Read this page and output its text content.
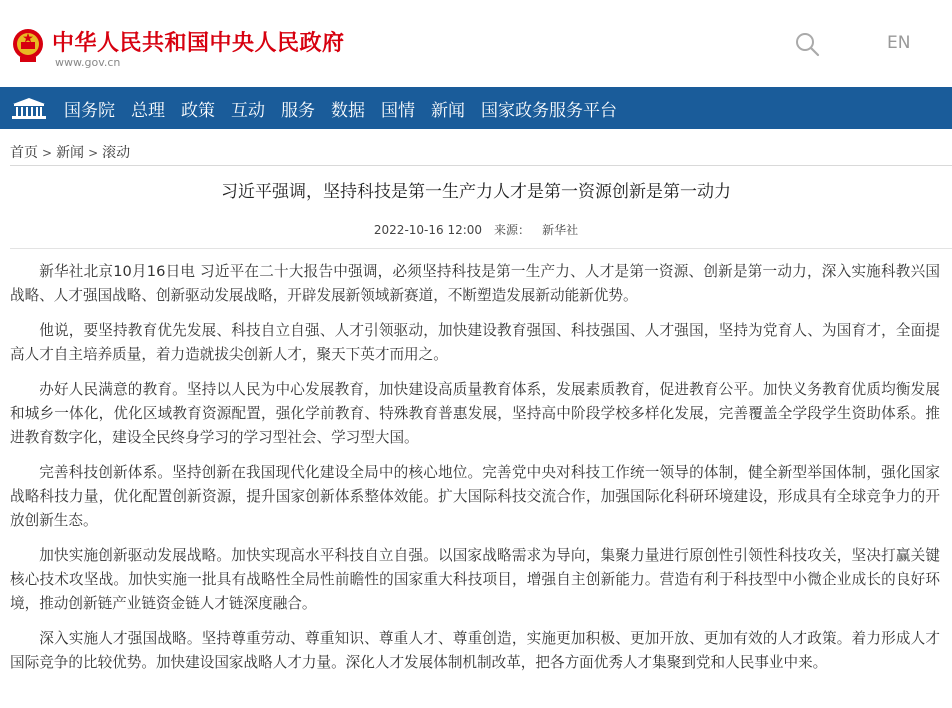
中华人民共和国中央人民政府
www.gov.cn
EN
国务院 总理 政策 互动 服务 数据 国情 新闻 国家政务服务平台
首页 > 新闻 > 滚动
习近平强调，坚持科技是第一生产力人才是第一资源创新是第一动力
2022-10-16 12:00 来源： 新华社

新华社北京10月16日电 习近平在二十大报告中强调，必须坚持科技是第一生产力、人才是第一资源、创新是第一动力，深入实施科教兴国战略、人才强国战略、创新驱动发展战略，开辟发展新领域新赛道，不断塑造发展新动能新优势。

他说，要坚持教育优先发展、科技自立自强、人才引领驱动，加快建设教育强国、科技强国、人才强国，坚持为党育人、为国育才，全面提高人才自主培养质量，着力造就拔尖创新人才，聚天下英才而用之。

办好人民满意的教育。坚持以人民为中心发展教育，加快建设高质量教育体系，发展素质教育，促进教育公平。加快义务教育优质均衡发展和城乡一体化，优化区域教育资源配置，强化学前教育、特殊教育普惠发展，坚持高中阶段学校多样化发展，完善覆盖全学段学生资助体系。推进教育数字化，建设全民终身学习的学习型社会、学习型大国。

完善科技创新体系。坚持创新在我国现代化建设全局中的核心地位。完善党中央对科技工作统一领导的体制，健全新型举国体制，强化国家战略科技力量，优化配置创新资源，提升国家创新体系整体效能。扩大国际科技交流合作，加强国际化科研环境建设，形成具有全球竞争力的开放创新生态。

加快实施创新驱动发展战略。加快实现高水平科技自立自强。以国家战略需求为导向，集聚力量进行原创性引领性科技攻关，坚决打赢关键核心技术攻坚战。加快实施一批具有战略性全局性前瞻性的国家重大科技项目，增强自主创新能力。营造有利于科技型中小微企业成长的良好环境，推动创新链产业链资金链人才链深度融合。

深入实施人才强国战略。坚持尊重劳动、尊重知识、尊重人才、尊重创造，实施更加积极、更加开放、更加有效的人才政策。着力形成人才国际竞争的比较优势。加快建设国家战略人才力量。深化人才发展体制机制改革，把各方面优秀人才集聚到党和人民事业中来。
